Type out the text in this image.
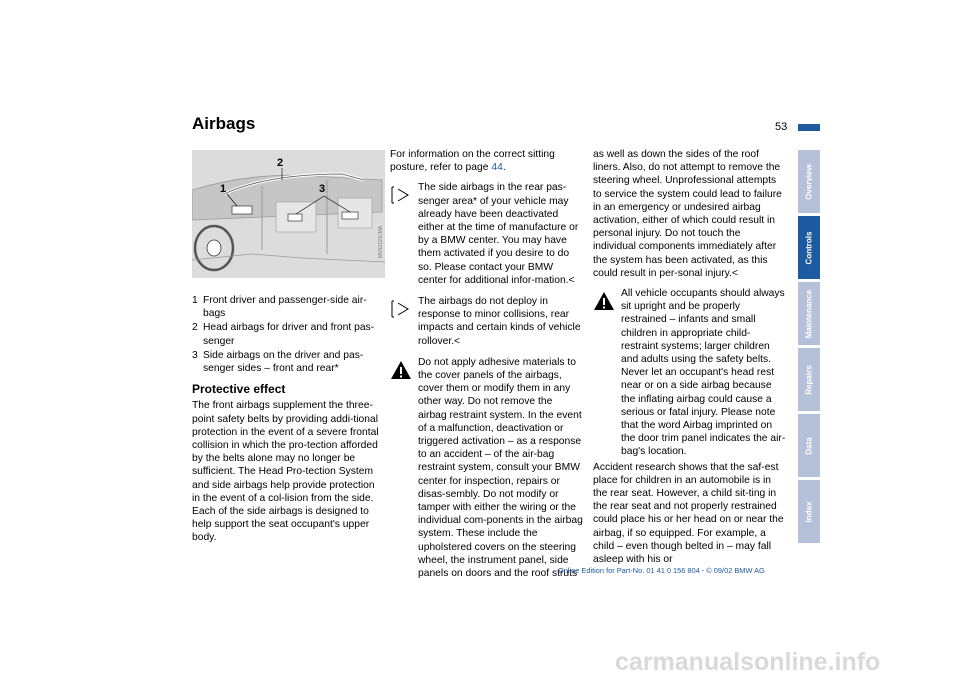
Airbags	53
1
2
3
MV02110CMA
1 Front driver and passenger-side air-bags
2 Head airbags for driver and front pas-senger
3 Side airbags on the driver and pas-senger sides – front and rear*
Protective effect

The front airbags supplement the three-point safety belts by providing addi-tional protection in the event of a severe frontal collision in which the pro-tection afforded by the belts alone may no longer be sufficient. The Head Pro-tection System and side airbags help provide protection in the event of a col-lision from the side. Each of the side airbags is designed to help support the seat occupant's upper body.

For information on the correct sitting posture, refer to page 44.

The side airbags in the rear pas-senger area* of your vehicle may already have been deactivated either at the time of manufacture or by a BMW center. You may have them activated if you desire to do so. Please contact your BMW center for additional infor-mation.<
The airbags do not deploy in response to minor collisions, rear impacts and certain kinds of vehicle rollover.<
Do not apply adhesive materials to the cover panels of the airbags, cover them or modify them in any other way. Do not remove the airbag restraint system. In the event of a malfunction, deactivation or triggered activation – as a response to an accident – of the air-bag restraint system, consult your BMW center for inspection, repairs or disas-sembly. Do not modify or tamper with either the wiring or the individual com-ponents in the airbag system. These include the upholstered covers on the steering wheel, the instrument panel, side panels on doors and the roof struts

as well as down the sides of the roof liners. Also, do not attempt to remove the steering wheel. Unprofessional attempts to service the system could lead to failure in an emergency or undesired airbag activation, either of which could result in personal injury. Do not touch the individual components immediately after the system has been activated, as this could result in per-sonal injury.<

All vehicle occupants should always sit upright and be properly restrained – infants and small children in appropriate child-restraint systems; larger children and adults using the safety belts. Never let an occupant's head rest near or on a side airbag because the inflating airbag could cause a serious or fatal injury. Please note that the word Airbag imprinted on the door trim panel indicates the air-bag's location.

Accident research shows that the saf-est place for children in an automobile is in the rear seat. However, a child sit-ting in the rear seat and not properly restrained could place his or her head on or near the airbag, if so equipped. For example, a child – even though belted in – may fall asleep with his or

Overview
Controls
Maintenance
Repairs
Data
Index
Online Edition for Part-No. 01 41 0 156 804 - © 09/02 BMW AG
carmanualsonline.info
